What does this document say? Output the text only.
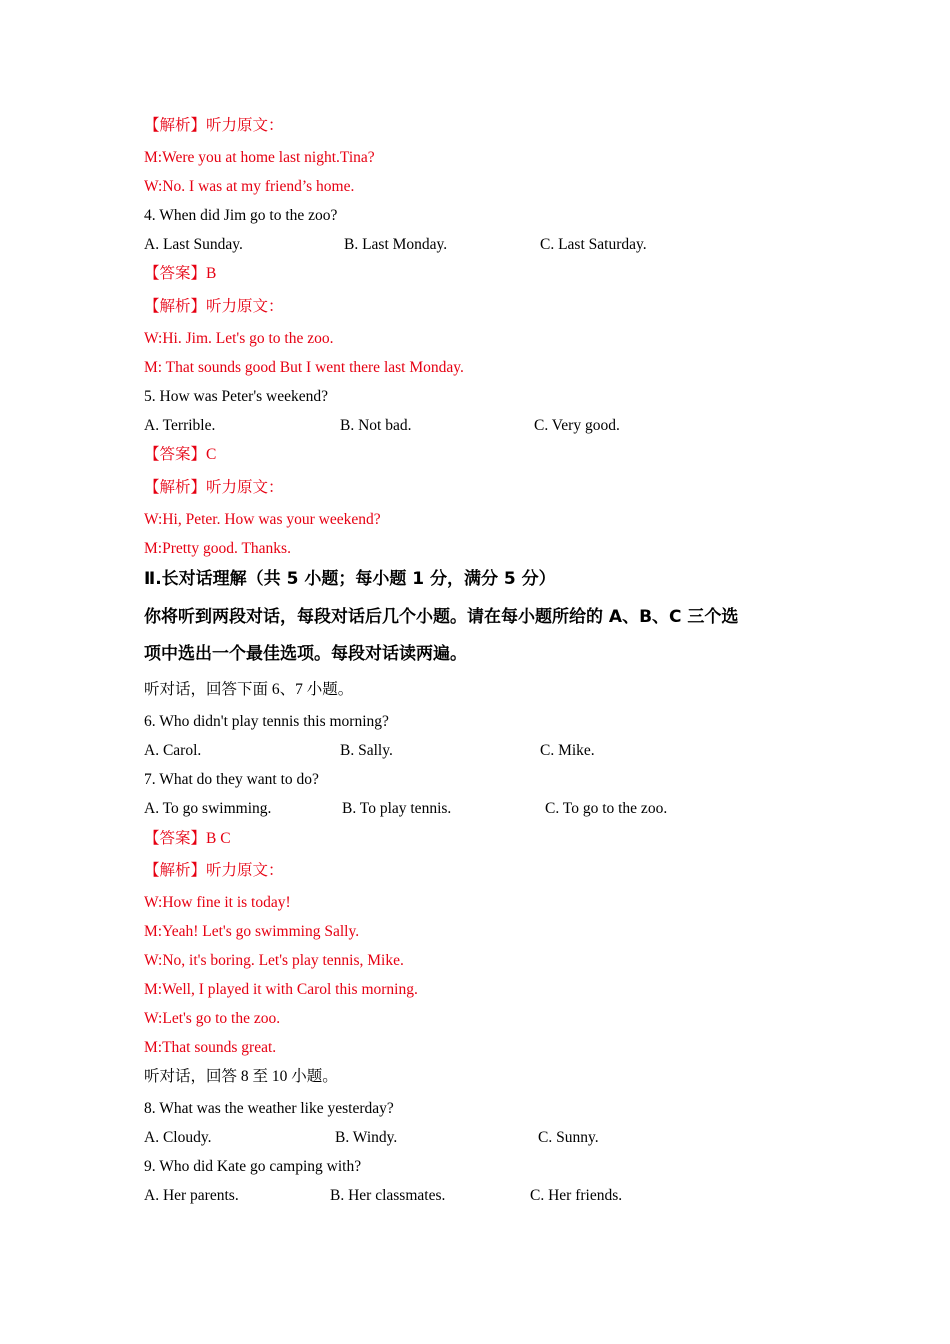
【解析】听力原文：
M:Were you at home last night.Tina?
W:No. I was at my friend’s home.
4. When did Jim go to the zoo?
A. Last Sunday.	B. Last Monday.	C. Last Saturday.
【答案】B
【解析】听力原文：
W:Hi. Jim. Let's go to the zoo.
M: That sounds good But I went there last Monday.
5. How was Peter's weekend?
A. Terrible.	B. Not bad.	C. Very good.
【答案】C
【解析】听力原文：
W:Hi, Peter. How was your weekend?
M:Pretty good. Thanks.
Ⅱ.长对话理解（共 5 小题；每小题 1 分，满分 5 分）
你将听到两段对话，每段对话后几个小题。请在每小题所给的 A、B、C 三个选
项中选出一个最佳选项。每段对话读两遍。
听对话，回答下面 6、7 小题。
6. Who didn't play tennis this morning?
A. Carol.	B. Sally.	C. Mike.
7. What do they want to do?
A. To go swimming.	B. To play tennis.	C. To go to the zoo.
【答案】B C
【解析】听力原文：
W:How fine it is today!
M:Yeah! Let's go swimming Sally.
W:No, it's boring. Let's play tennis, Mike.
M:Well, I played it with Carol this morning.
W:Let's go to the zoo.
M:That sounds great.
听对话，回答 8 至 10 小题。
8. What was the weather like yesterday?
A. Cloudy.	B. Windy.	C. Sunny.
9. Who did Kate go camping with?
A. Her parents.	B. Her classmates.	C. Her friends.
